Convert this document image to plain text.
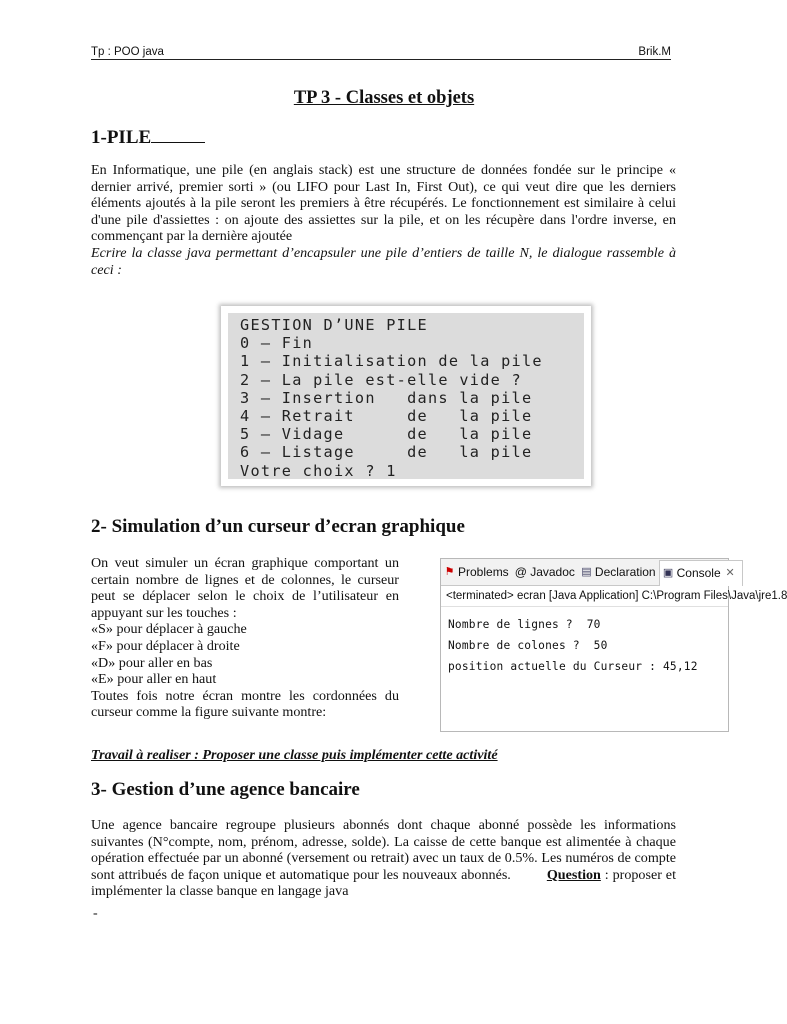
Tp : POO java	Brik.M
TP 3 - Classes et objets
1-PILE

En Informatique, une pile (en anglais stack) est une structure de données fondée sur le principe « dernier arrivé, premier sorti » (ou LIFO pour Last In, First Out), ce qui veut dire que les derniers éléments ajoutés à la pile seront les premiers à être récupérés. Le fonctionnement est similaire à celui d'une pile d'assiettes : on ajoute des assiettes sur la pile, et on les récupère dans l'ordre inverse, en commençant par la dernière ajoutée

Ecrire la classe java permettant d’encapsuler une pile d’entiers de taille N, le dialogue rassemble à ceci :

GESTION D’UNE PILE
0 – Fin
1 – Initialisation de la pile
2 – La pile est-elle vide ?
3 – Insertion   dans la pile
4 – Retrait     de   la pile
5 – Vidage      de   la pile
6 – Listage     de   la pile
Votre choix ? 1
2- Simulation d’un curseur d’ecran graphique
On veut simuler un écran graphique comportant un certain nombre de lignes et de colonnes, le curseur peut se déplacer selon le choix de l’utilisateur en appuyant sur les touches :
«S» pour déplacer à gauche
«F» pour déplacer à droite
«D» pour aller en bas
«E» pour aller en haut
Toutes fois notre écran montre les cordonnées du curseur comme la figure suivante montre:
⚑ Problems @ Javadoc ▤ Declaration ▣ Console ✕
<terminated> ecran [Java Application] C:\Program Files\Java\jre1.8
Nombre de lignes ?  70
Nombre de colones ?  50
position actuelle du Curseur : 45,12
Travail à realiser : Proposer une classe puis implémenter cette activité
3- Gestion d’une agence bancaire

Une agence bancaire regroupe plusieurs abonnés dont chaque abonné possède les informations suivantes (N°compte, nom, prénom, adresse, solde). La caisse de cette banque est alimentée à chaque opération effectuée par un abonné (versement ou retrait) avec un taux de 0.5%. Les numéros de compte sont attribués de façon unique et automatique pour les nouveaux abonnés.	Question : proposer et implémenter la classe banque en langage java

-
